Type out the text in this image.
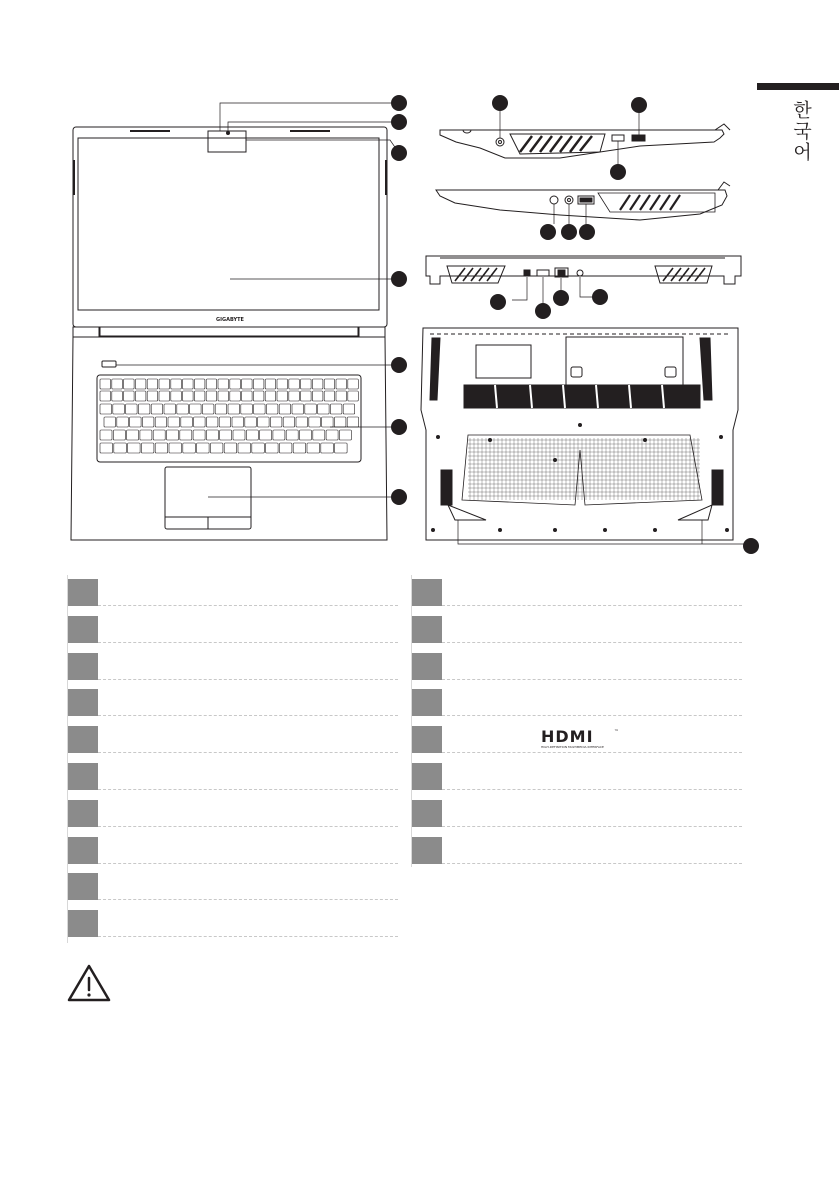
한국어
GIGABYTE
HDMI	™
HIGH-DEFINITION MULTIMEDIA INTERFACE
